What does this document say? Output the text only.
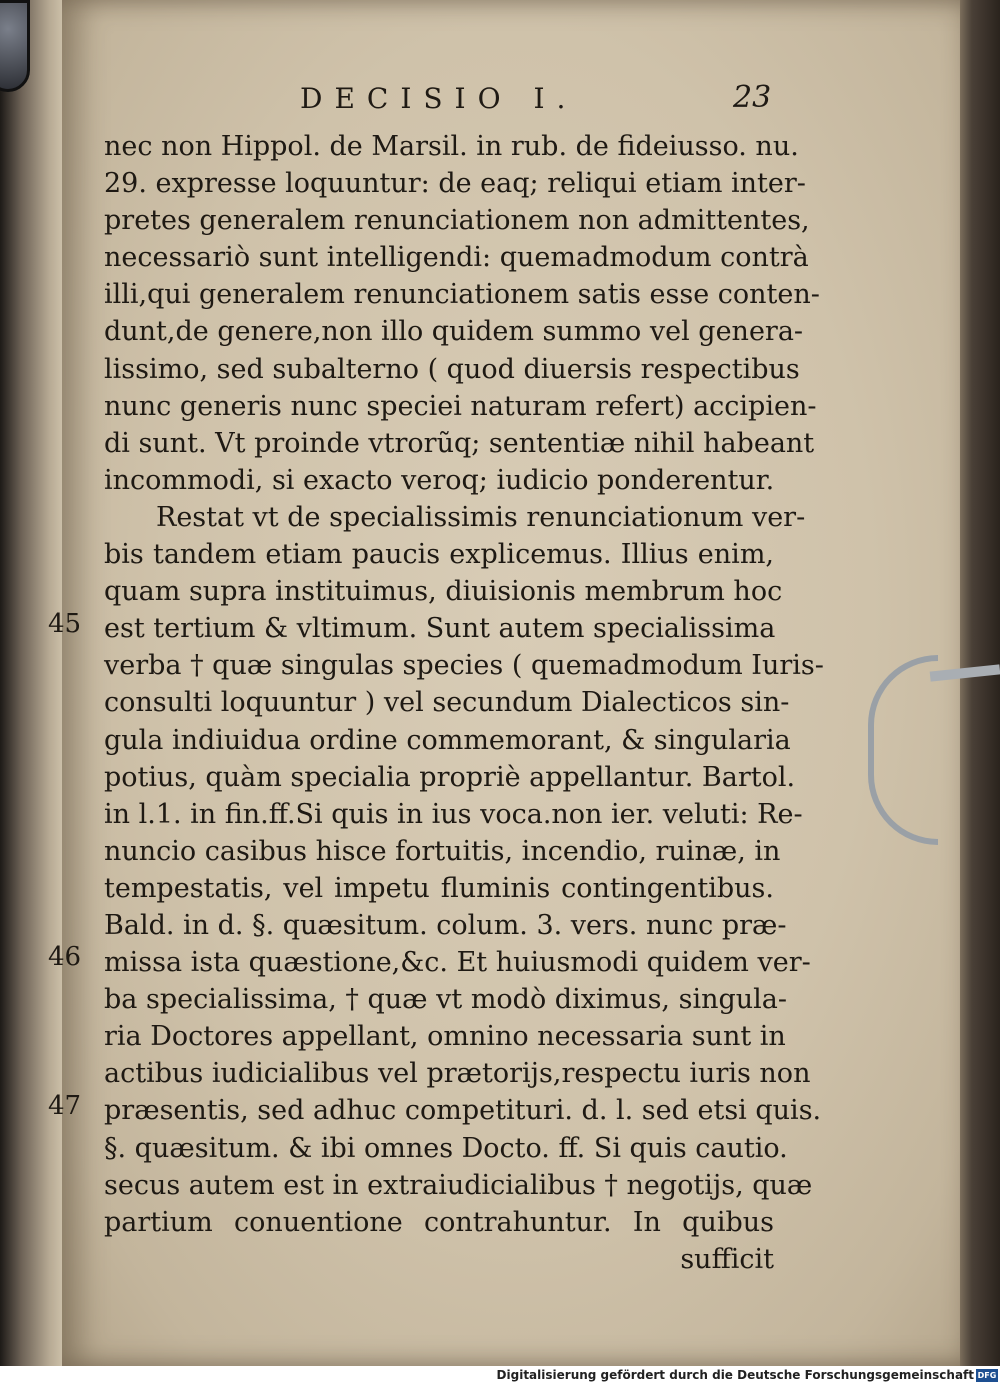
DECISIO I.	23
nec non Hippol. de Marsil. in rub. de fideiusso. nu.
29. expresse loquuntur: de eaq; reliqui etiam inter-
pretes generalem renunciationem non admittentes,
necessariò sunt intelligendi: quemadmodum contrà
illi,qui generalem renunciationem satis esse conten-
dunt,de genere,non illo quidem summo vel genera-
lissimo, sed subalterno ( quod diuersis respectibus
nunc generis nunc speciei naturam refert) accipien-
di sunt. Vt proinde vtrorũq; sententiæ nihil habeant
incommodi, si exacto veroq; iudicio ponderentur.
Restat vt de specialissimis renunciationum ver-
bis tandem etiam paucis explicemus. Illius enim,
quam supra instituimus, diuisionis membrum hoc
est tertium & vltimum. Sunt autem specialissima
verba † quæ singulas species ( quemadmodum Iuris-
consulti loquuntur ) vel secundum Dialecticos sin-
gula indiuidua ordine commemorant, & singularia
potius, quàm specialia propriè appellantur. Bartol.
in l.1. in fin.ff.Si quis in ius voca.non ier. veluti: Re-
nuncio casibus hisce fortuitis, incendio, ruinæ, in
tempestatis, vel impetu fluminis contingentibus.
Bald. in d. §. quæsitum. colum. 3. vers. nunc præ-
missa ista quæstione,&c. Et huiusmodi quidem ver-
ba specialissima, † quæ vt modò diximus, singula-
ria Doctores appellant, omnino necessaria sunt in
actibus iudicialibus vel prætorijs,respectu iuris non
præsentis, sed adhuc competituri. d. l. sed etsi quis.
§. quæsitum. & ibi omnes Docto. ff. Si quis cautio.
secus autem est in extraiudicialibus † negotijs, quæ
partium conuentione contrahuntur. In quibus
sufficit
45
46
47
Digitalisierung gefördert durch die Deutsche Forschungsgemeinschaft DFG
